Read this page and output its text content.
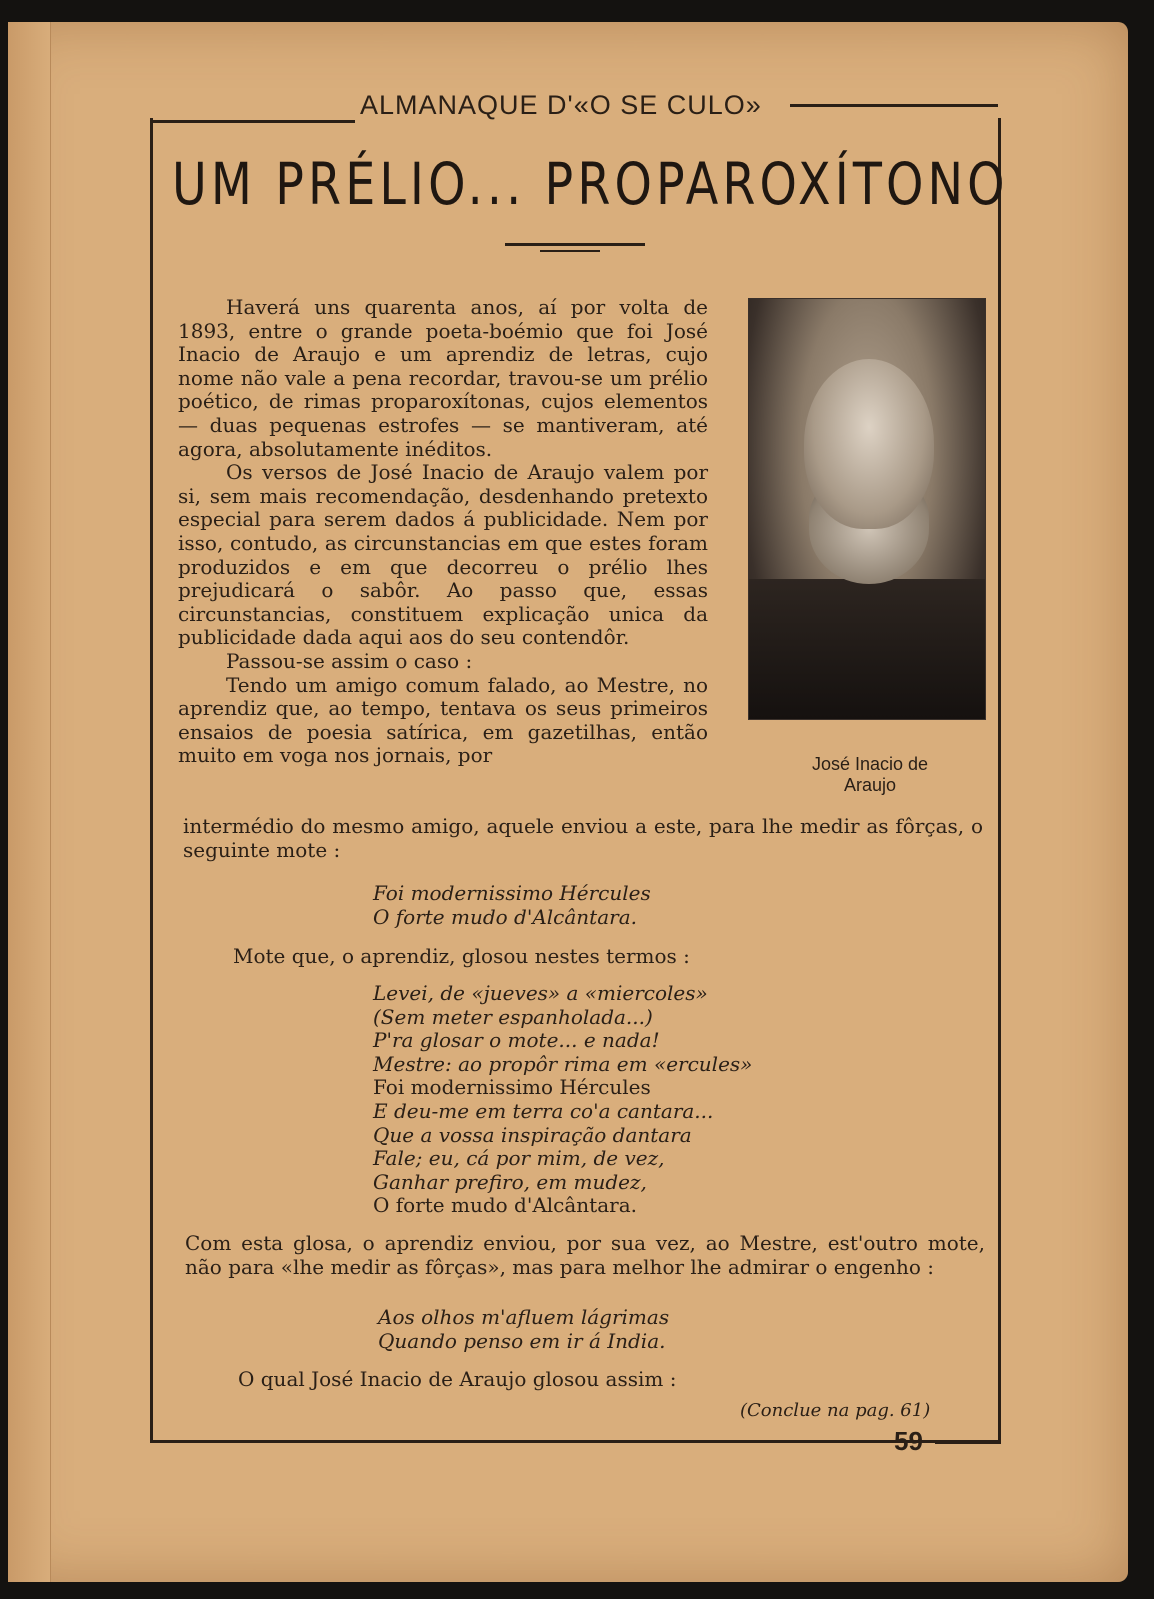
ALMANAQUE D'«O SE CULO»
UM PRÉLIO... PROPAROXÍTONO

Haverá uns quarenta anos, aí por volta de 1893, entre o grande poeta-boémio que foi José Inacio de Araujo e um aprendiz de letras, cujo nome não vale a pena recordar, travou-se um prélio poético, de rimas proparoxítonas, cujos elementos — duas pequenas estrofes — se mantiveram, até agora, absolutamente inéditos.

Os versos de José Inacio de Araujo valem por si, sem mais recomendação, desdenhando pretexto especial para serem dados á publicidade. Nem por isso, contudo, as circunstancias em que estes foram produzidos e em que decorreu o prélio lhes prejudicará o sabôr. Ao passo que, essas circunstancias, constituem explicação unica da publicidade dada aqui aos do seu contendôr.

Passou-se assim o caso :

Tendo um amigo comum falado, ao Mestre, no aprendiz que, ao tempo, tentava os seus primeiros ensaios de poesia satírica, em gazetilhas, então muito em voga nos jornais, por	José Inacio de
Araujo
intermédio do mesmo amigo, aquele enviou a este, para lhe medir as fôrças, o seguinte mote :
Foi modernissimo Hércules
O forte mudo d'Alcântara.
Mote que, o aprendiz, glosou nestes termos :
Levei, de «jueves» a «miercoles»
(Sem meter espanholada...)
P'ra glosar o mote... e nada!
Mestre: ao propôr rima em «ercules»
Foi modernissimo Hércules
E deu-me em terra co'a cantara...
Que a vossa inspiração dantara
Fale; eu, cá por mim, de vez,
Ganhar prefiro, em mudez,
O forte mudo d'Alcântara.
Com esta glosa, o aprendiz enviou, por sua vez, ao Mestre, est'outro mote, não para «lhe medir as fôrças», mas para melhor lhe admirar o engenho :
Aos olhos m'afluem lágrimas
Quando penso em ir á India.
O qual José Inacio de Araujo glosou assim :
(Conclue na pag. 61)
59
